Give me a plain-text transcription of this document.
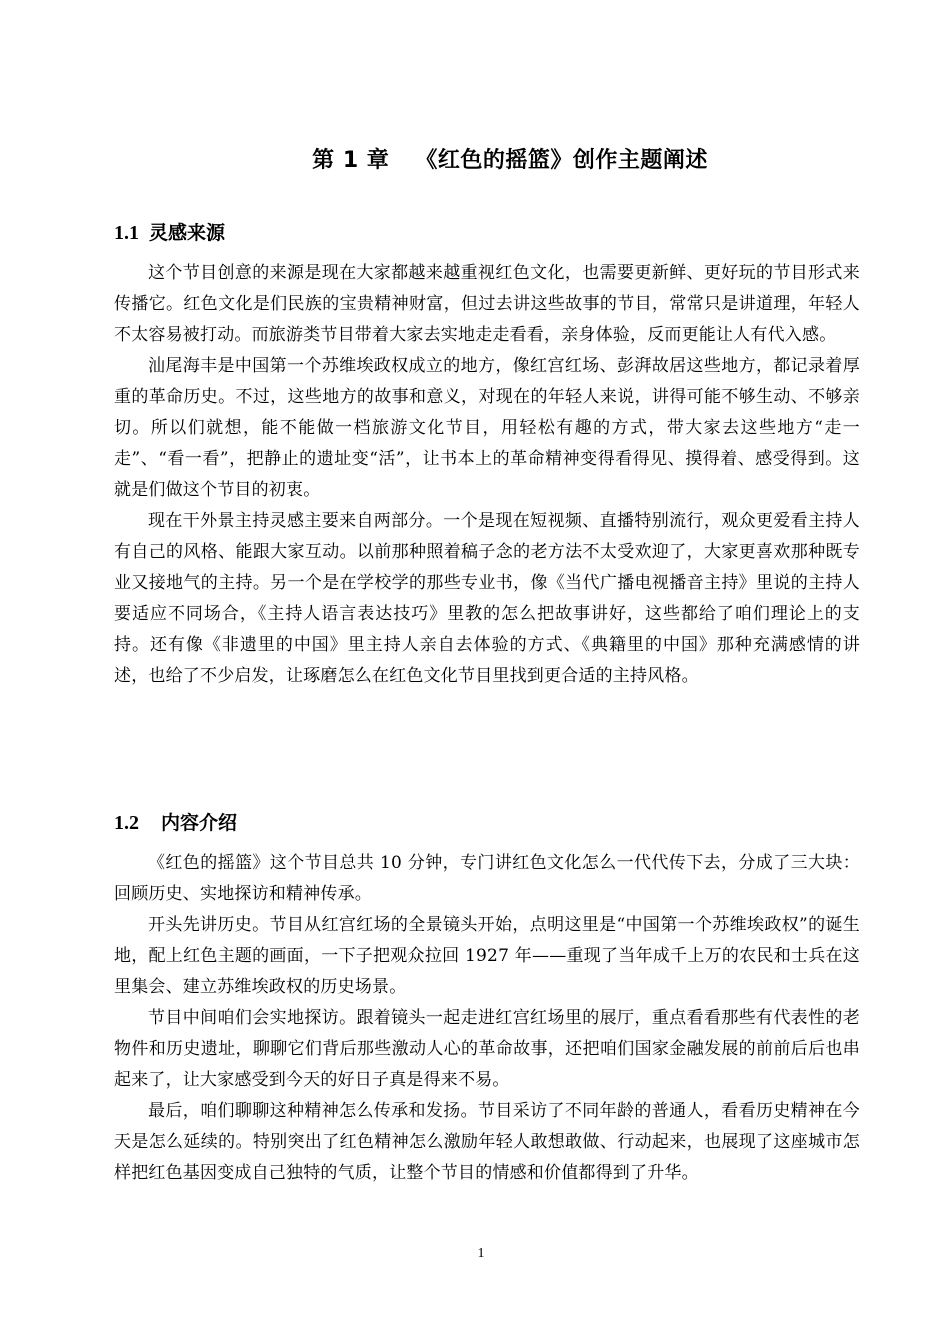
第 1 章 《红色的摇篮》创作主题阐述
1.1 灵感来源

这个节目创意的来源是现在大家都越来越重视红色文化，也需要更新鲜、更好玩的节目形式来传播它。红色文化是们民族的宝贵精神财富，但过去讲这些故事的节目，常常只是讲道理，年轻人不太容易被打动。而旅游类节目带着大家去实地走走看看，亲身体验，反而更能让人有代入感。

汕尾海丰是中国第一个苏维埃政权成立的地方，像红宫红场、彭湃故居这些地方，都记录着厚重的革命历史。不过，这些地方的故事和意义，对现在的年轻人来说，讲得可能不够生动、不够亲切。所以们就想，能不能做一档旅游文化节目，用轻松有趣的方式，带大家去这些地方“走一走”、“看一看”，把静止的遗址变“活”，让书本上的革命精神变得看得见、摸得着、感受得到。这就是们做这个节目的初衷。

现在干外景主持灵感主要来自两部分。一个是现在短视频、直播特别流行，观众更爱看主持人有自己的风格、能跟大家互动。以前那种照着稿子念的老方法不太受欢迎了，大家更喜欢那种既专业又接地气的主持。另一个是在学校学的那些专业书，像《当代广播电视播音主持》里说的主持人要适应不同场合，《主持人语言表达技巧》里教的怎么把故事讲好，这些都给了咱们理论上的支持。还有像《非遗里的中国》里主持人亲自去体验的方式、《典籍里的中国》那种充满感情的讲述，也给了不少启发，让琢磨怎么在红色文化节目里找到更合适的主持风格。

1.2 内容介绍

《红色的摇篮》这个节目总共 10 分钟，专门讲红色文化怎么一代代传下去，分成了三大块：回顾历史、实地探访和精神传承。

开头先讲历史。节目从红宫红场的全景镜头开始，点明这里是“中国第一个苏维埃政权”的诞生地，配上红色主题的画面，一下子把观众拉回 1927 年——重现了当年成千上万的农民和士兵在这里集会、建立苏维埃政权的历史场景。

节目中间咱们会实地探访。跟着镜头一起走进红宫红场里的展厅，重点看看那些有代表性的老物件和历史遗址，聊聊它们背后那些激动人心的革命故事，还把咱们国家金融发展的前前后后也串起来了，让大家感受到今天的好日子真是得来不易。

最后，咱们聊聊这种精神怎么传承和发扬。节目采访了不同年龄的普通人，看看历史精神在今天是怎么延续的。特别突出了红色精神怎么激励年轻人敢想敢做、行动起来，也展现了这座城市怎样把红色基因变成自己独特的气质，让整个节目的情感和价值都得到了升华。

1
